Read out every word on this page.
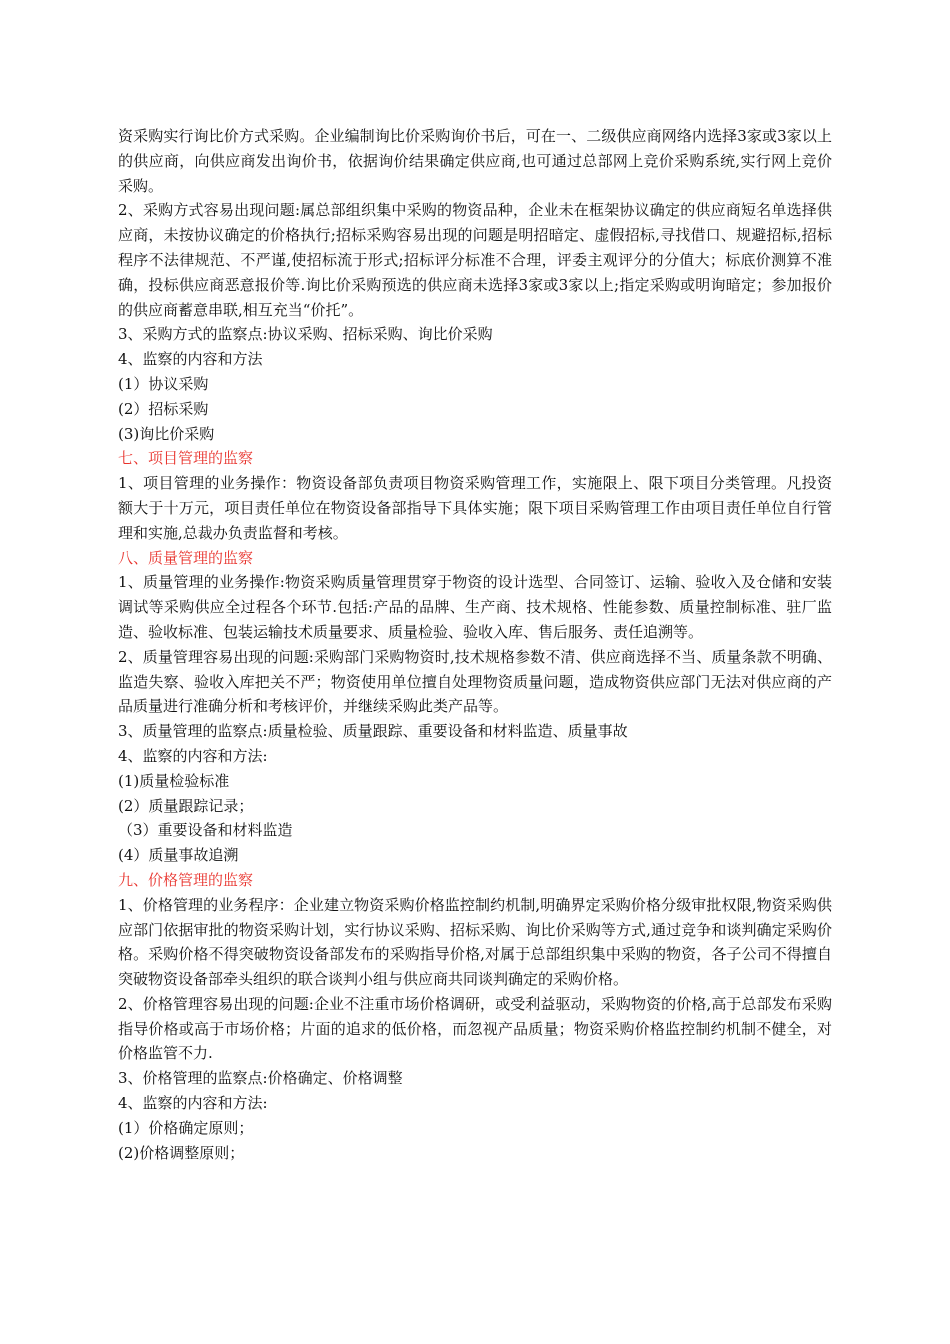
资采购实行询比价方式采购。企业编制询比价采购询价书后，可在一、二级供应商网络内选择3家或3家以上的供应商，向供应商发出询价书，依据询价结果确定供应商,也可通过总部网上竞价采购系统,实行网上竞价采购。

2、采购方式容易出现问题:属总部组织集中采购的物资品种，企业未在框架协议确定的供应商短名单选择供应商，未按协议确定的价格执行;招标采购容易出现的问题是明招暗定、虚假招标,寻找借口、规避招标,招标程序不法律规范、不严谨,使招标流于形式;招标评分标准不合理，评委主观评分的分值大；标底价测算不准确，投标供应商恶意报价等.询比价采购预选的供应商未选择3家或3家以上;指定采购或明询暗定；参加报价的供应商蓄意串联,相互充当“价托”。

3、采购方式的监察点:协议采购、招标采购、询比价采购

4、监察的内容和方法

(1）协议采购

(2）招标采购

(3)询比价采购

七、项目管理的监察

1、项目管理的业务操作：物资设备部负责项目物资采购管理工作，实施限上、限下项目分类管理。凡投资额大于十万元，项目责任单位在物资设备部指导下具体实施；限下项目采购管理工作由项目责任单位自行管理和实施,总裁办负责监督和考核。

八、质量管理的监察

1、质量管理的业务操作:物资采购质量管理贯穿于物资的设计选型、合同签订、运输、验收入及仓储和安装调试等采购供应全过程各个环节.包括:产品的品牌、生产商、技术规格、性能参数、质量控制标准、驻厂监造、验收标准、包装运输技术质量要求、质量检验、验收入库、售后服务、责任追溯等。

2、质量管理容易出现的问题:采购部门采购物资时,技术规格参数不清、供应商选择不当、质量条款不明确、监造失察、验收入库把关不严；物资使用单位擅自处理物资质量问题，造成物资供应部门无法对供应商的产品质量进行准确分析和考核评价，并继续采购此类产品等。

3、质量管理的监察点:质量检验、质量跟踪、重要设备和材料监造、质量事故

4、监察的内容和方法:

(1)质量检验标准

(2）质量跟踪记录；

（3）重要设备和材料监造

(4）质量事故追溯

九、价格管理的监察

1、价格管理的业务程序：企业建立物资采购价格监控制约机制,明确界定采购价格分级审批权限,物资采购供应部门依据审批的物资采购计划，实行协议采购、招标采购、询比价采购等方式,通过竞争和谈判确定采购价格。采购价格不得突破物资设备部发布的采购指导价格,对属于总部组织集中采购的物资，各子公司不得擅自突破物资设备部牵头组织的联合谈判小组与供应商共同谈判确定的采购价格。

2、价格管理容易出现的问题:企业不注重市场价格调研，或受利益驱动，采购物资的价格,高于总部发布采购指导价格或高于市场价格；片面的追求的低价格，而忽视产品质量；物资采购价格监控制约机制不健全，对价格监管不力.

3、价格管理的监察点:价格确定、价格调整

4、监察的内容和方法:

(1）价格确定原则；

(2)价格调整原则；
